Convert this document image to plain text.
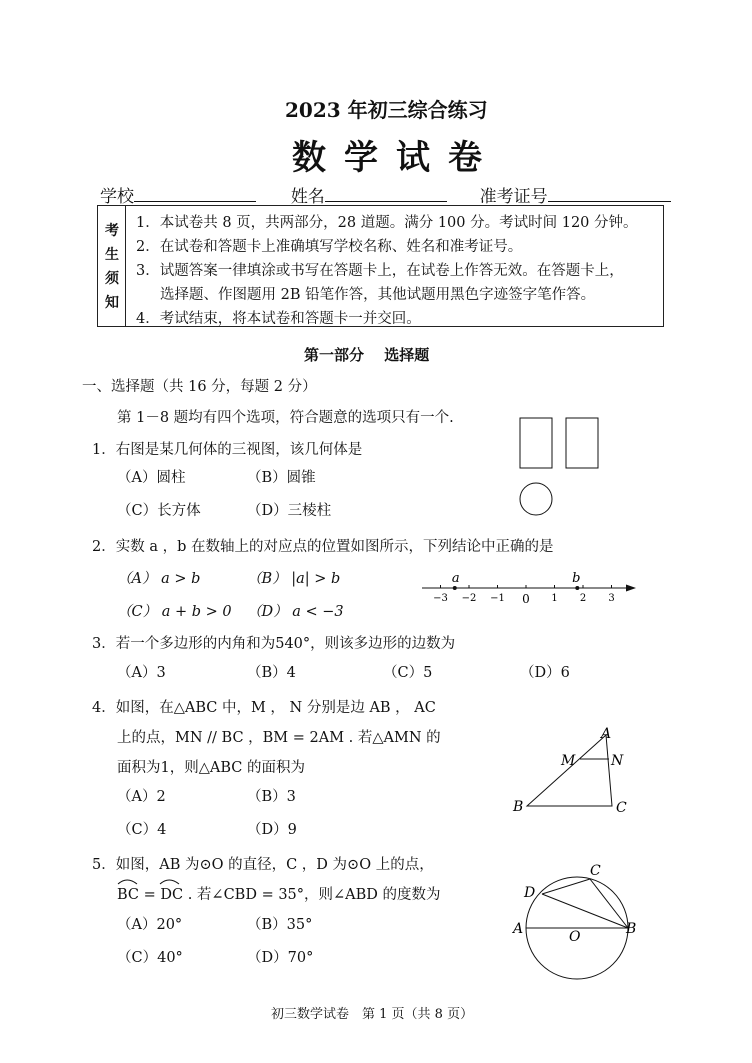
2023 年初三综合练习
数学试卷
学校	姓名	准考证号
考
生
须
知
1．本试卷共 8 页，共两部分，28 道题。满分 100 分。考试时间 120 分钟。
2．在试卷和答题卡上准确填写学校名称、姓名和准考证号。
3．试题答案一律填涂或书写在答题卡上，在试卷上作答无效。在答题卡上，
选择题、作图题用 2B 铅笔作答，其他试题用黑色字迹签字笔作答。
4．考试结束，将本试卷和答题卡一并交回。
第一部分　 选择题
一、选择题（共 16 分，每题 2 分）
第 1－8 题均有四个选项，符合题意的选项只有一个.
1．右图是某几何体的三视图，该几何体是
（A）圆柱	（B）圆锥
（C）长方体	（D）三棱柱
2．实数 a ，b 在数轴上的对应点的位置如图所示，下列结论中正确的是
（A） a > b	（B） |a| > b
（C） a + b > 0 （D） a < −3
−3 −2 −1 0 1 2 3
a	b
3．若一个多边形的内角和为540°，则该多边形的边数为
（A）3	（B）4	（C）5	（D）6
4．如图，在△ABC 中，M ， N 分别是边 AB ， AC
上的点，MN // BC ，BM = 2AM . 若△AMN 的
面积为1，则△ABC 的面积为
（A）2	（B）3
（C）4	（D）9
A
M	N
B	C
5．如图，AB 为⊙O 的直径，C ，D 为⊙O 上的点，
BC = DC . 若∠CBD = 35°，则∠ABD 的度数为
（A）20°	（B）35°
（C）40°	（D）70°
C
D
A	O	B
初三数学试卷　第 1 页（共 8 页）
